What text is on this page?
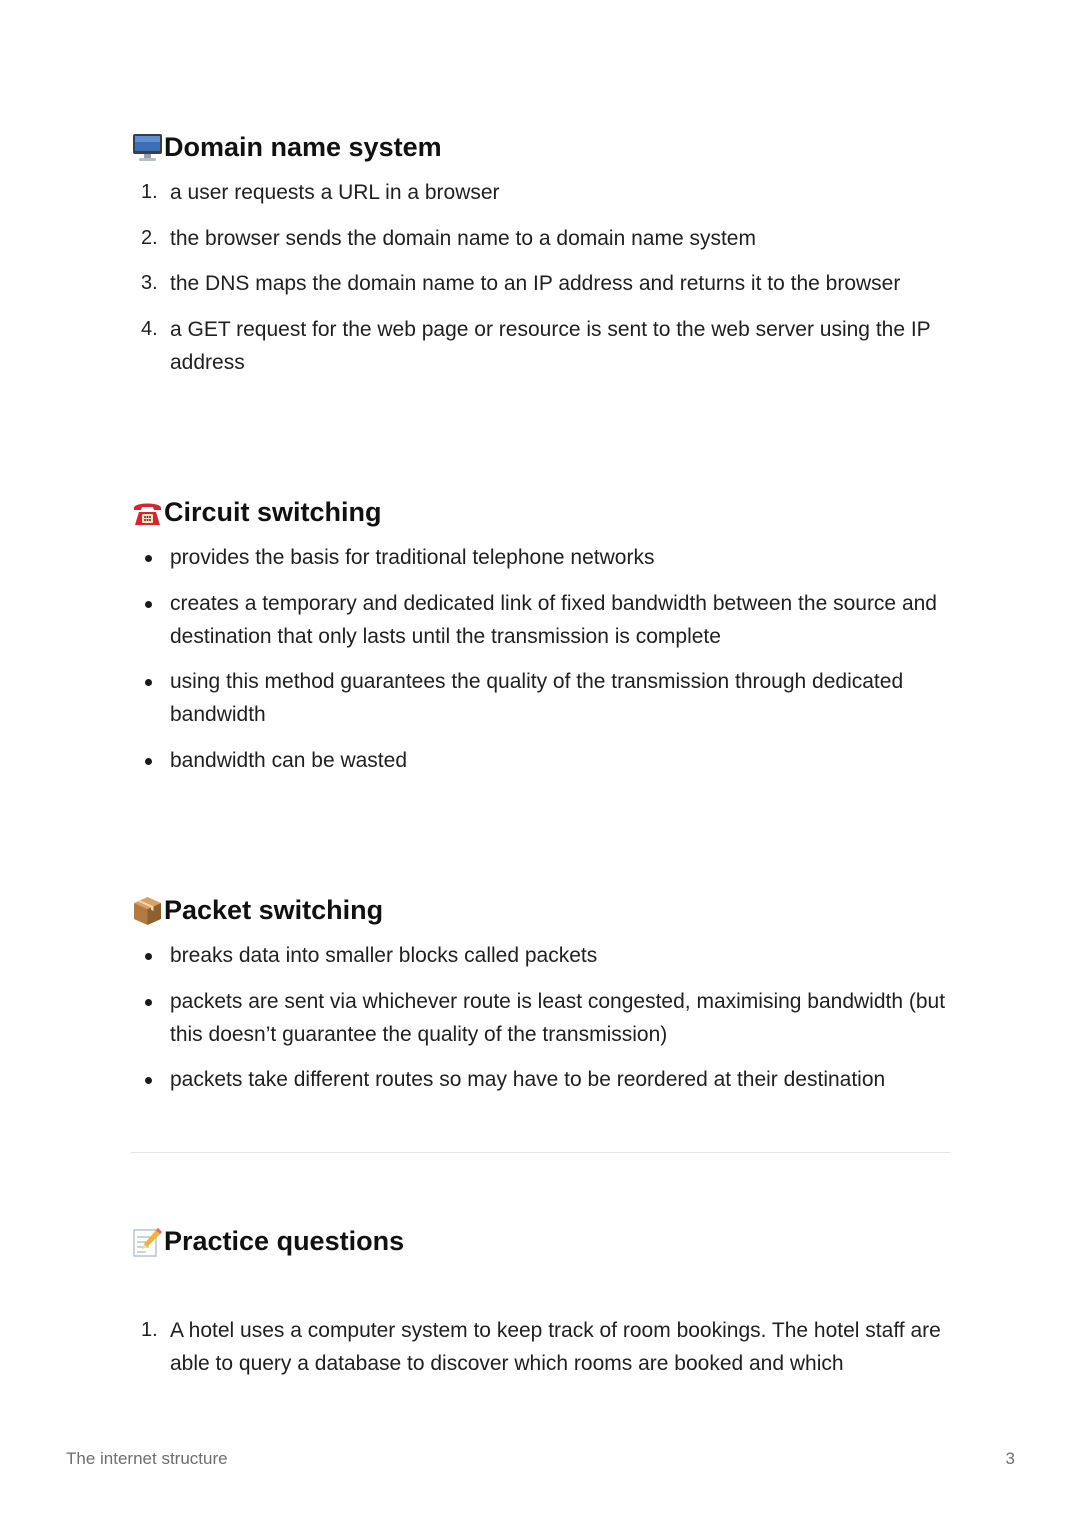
Domain name system
1. a user requests a URL in a browser
2. the browser sends the domain name to a domain name system
3. the DNS maps the domain name to an IP address and returns it to the browser
4. a GET request for the web page or resource is sent to the web server using the IP address
Circuit switching
provides the basis for traditional telephone networks
creates a temporary and dedicated link of fixed bandwidth between the source and destination that only lasts until the transmission is complete
using this method guarantees the quality of the transmission through dedicated bandwidth
bandwidth can be wasted
Packet switching
breaks data into smaller blocks called packets
packets are sent via whichever route is least congested, maximising bandwidth (but this doesn’t guarantee the quality of the transmission)
packets take different routes so may have to be reordered at their destination
Practice questions
1. A hotel uses a computer system to keep track of room bookings. The hotel staff are able to query a database to discover which rooms are booked and which
The internet structure	3
